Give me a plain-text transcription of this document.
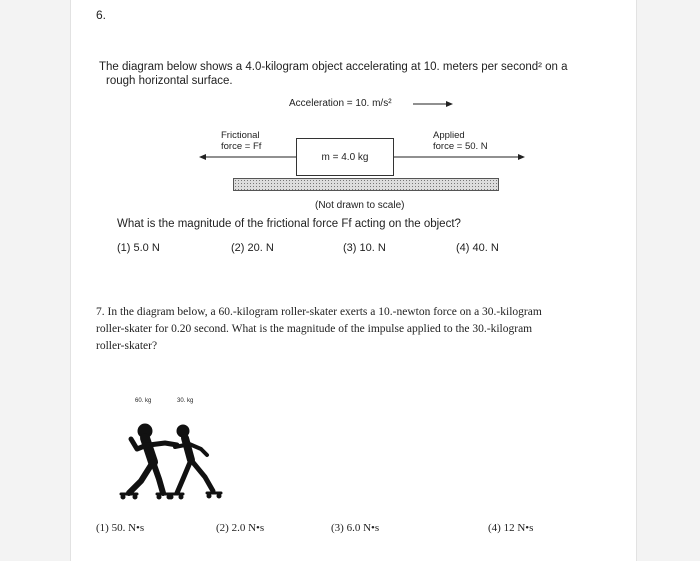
6.
The diagram below shows a 4.0-kilogram object accelerating at 10. meters per second² on a
rough horizontal surface.
Acceleration = 10. m/s²
Frictional
force = Ff
Applied
force = 50. N
m = 4.0 kg
(Not drawn to scale)
What is the magnitude of the frictional force Ff acting on the object?
(1) 5.0 N	(2) 20. N	(3) 10. N	(4) 40. N
7. In the diagram below, a 60.-kilogram roller-skater exerts a 10.-newton force on a 30.-kilogram
roller-skater for 0.20 second. What is the magnitude of the impulse applied to the 30.-kilogram
roller-skater?
60. kg	30. kg
(1) 50. N•s	(2) 2.0 N•s	(3) 6.0 N•s	(4) 12 N•s
